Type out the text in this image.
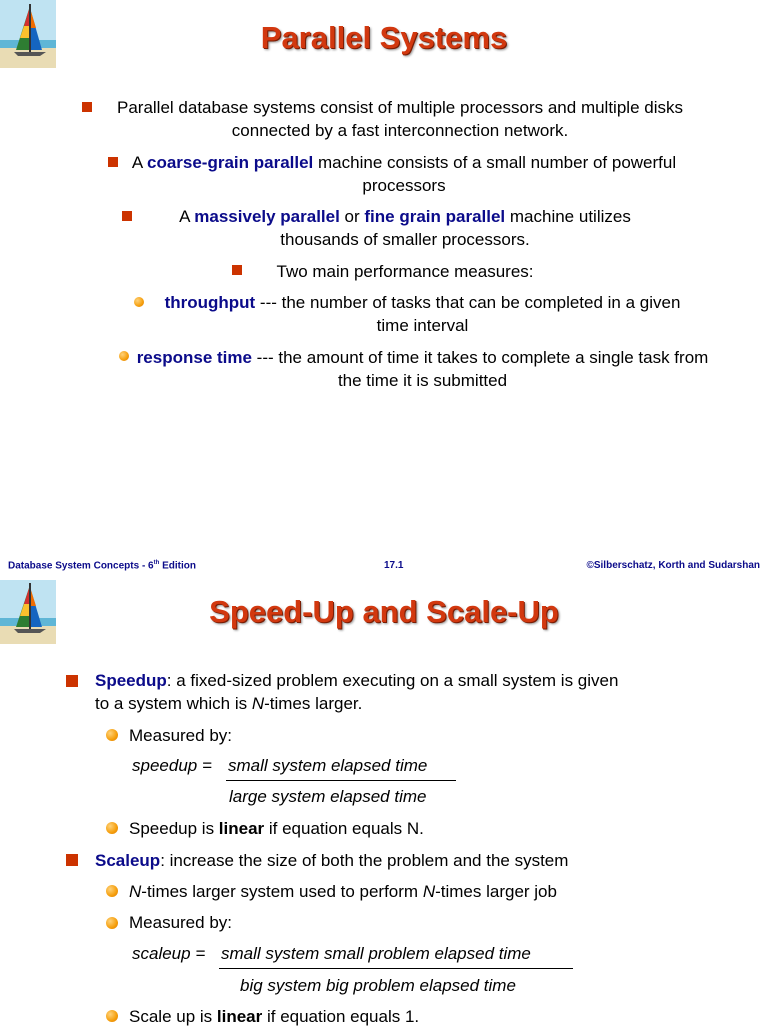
Parallel Systems
Parallel database systems consist of multiple processors and multiple disks connected by a fast interconnection network.
A coarse-grain parallel machine consists of a small number of powerful processors
A massively parallel or fine grain parallel machine utilizes thousands of smaller processors.
Two main performance measures:
throughput --- the number of tasks that can be completed in a given time interval
response time --- the amount of time it takes to complete a single task from the time it is submitted
Database System Concepts - 6th Edition	17.1	©Silberschatz, Korth and Sudarshan
Speed-Up and Scale-Up
Speedup: a fixed-sized problem executing on a small system is given
to a system which is N-times larger.
Measured by:
speedup = small system elapsed time
large system elapsed time
Speedup is linear if equation equals N.
Scaleup: increase the size of both the problem and the system
N-times larger system used to perform N-times larger job
Measured by:
scaleup = small system small problem elapsed time
big system big problem elapsed time
Scale up is linear if equation equals 1.
